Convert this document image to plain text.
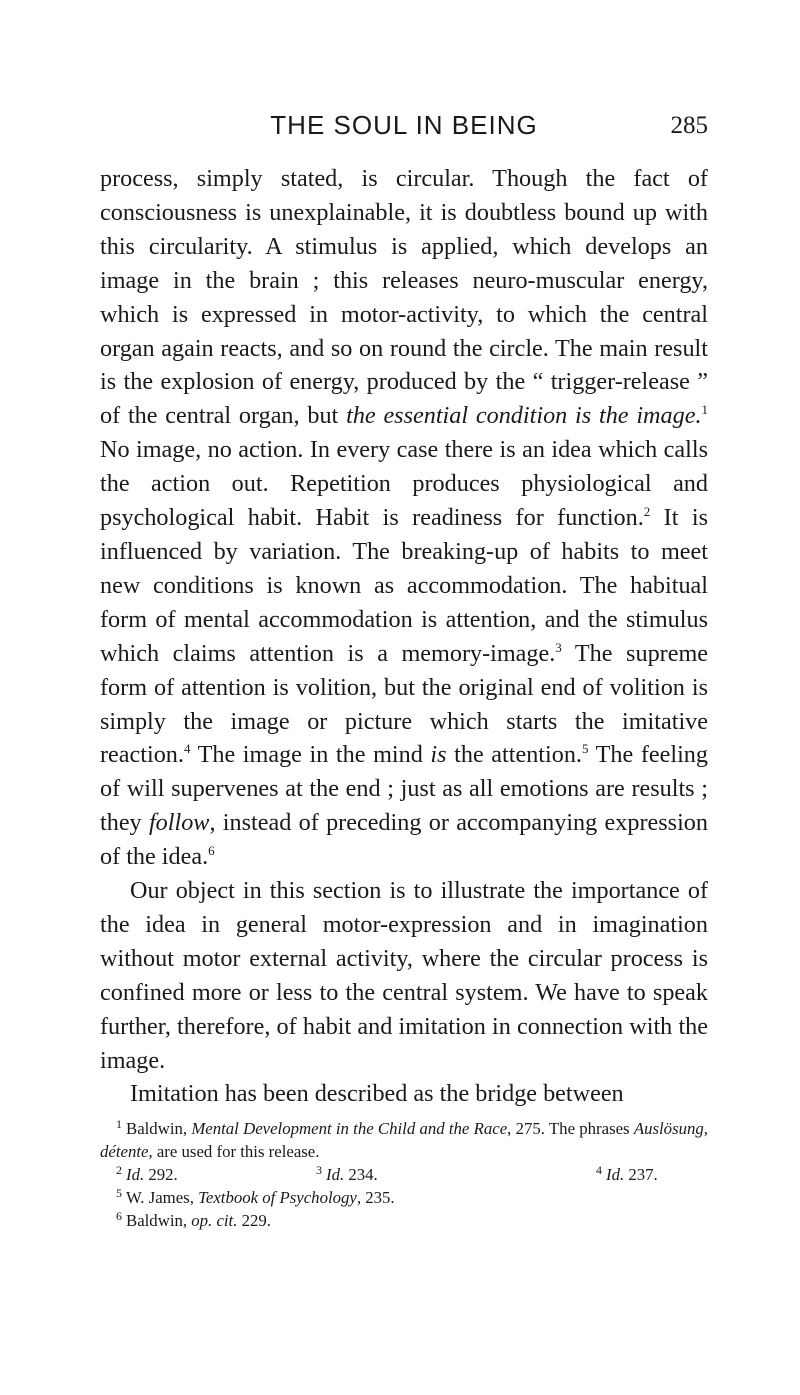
THE SOUL IN BEING	285

process, simply stated, is circular. Though the fact of consciousness is unexplainable, it is doubtless bound up with this circularity. A stimulus is applied, which develops an image in the brain ; this releases neuro-muscular energy, which is expressed in motor-activity, to which the central organ again reacts, and so on round the circle. The main result is the explosion of energy, produced by the “ trigger-release ” of the central organ, but the essential condition is the image.$^1$ No image, no action. In every case there is an idea which calls the action out. Repetition produces physiological and psychological habit. Habit is readiness for function.$^2$ It is influenced by variation. The breaking-up of habits to meet new conditions is known as accommodation. The habitual form of mental accommodation is attention, and the stimulus which claims attention is a memory-image.$^3$ The supreme form of attention is volition, but the original end of volition is simply the image or picture which starts the imitative reaction.$^4$ The image in the mind is the attention.$^5$ The feeling of will supervenes at the end ; just as all emotions are results ; they follow, instead of preceding or accompanying expression of the idea.$^6$

Our object in this section is to illustrate the importance of the idea in general motor-expression and in imagination without motor external activity, where the circular process is confined more or less to the central system. We have to speak further, therefore, of habit and imitation in connection with the image.

Imitation has been described as the bridge between

$^1$ Baldwin, Mental Development in the Child and the Race, 275. The phrases Auslösung, détente, are used for this release.

$^2$ Id. 292.	$^3$ Id. 234.	$^4$ Id. 237.

$^5$ W. James, Textbook of Psychology, 235.

$^6$ Baldwin, op. cit. 229.
